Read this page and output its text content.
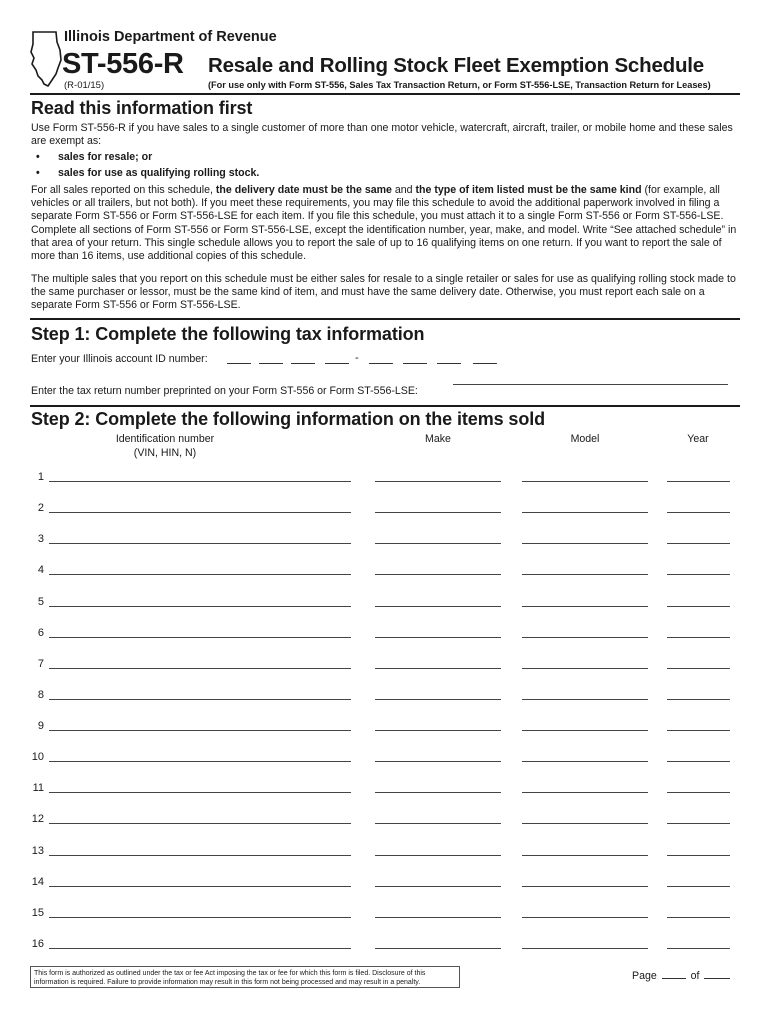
Illinois Department of Revenue
ST-556-R
(R-01/15)
Resale and Rolling Stock Fleet Exemption Schedule
(For use only with Form ST-556, Sales Tax Transaction Return, or Form ST-556-LSE, Transaction Return for Leases)
Read this information first
Use Form ST-556-R if you have sales to a single customer of more than one motor vehicle, watercraft, aircraft, trailer, or mobile home and these sales are exempt as:
• sales for resale; or
• sales for use as qualifying rolling stock.
For all sales reported on this schedule, the delivery date must be the same and the type of item listed must be the same kind (for example, all vehicles or all trailers, but not both). If you meet these requirements, you may file this schedule to avoid the additional paperwork involved in filing a separate Form ST-556 or Form ST-556-LSE for each item. If you file this schedule, you must attach it to a single Form ST-556 or Form ST-556-LSE. Complete all sections of Form ST-556 or Form ST-556-LSE, except the identification number, year, make, and model. Write “See attached schedule” in that area of your return. This single schedule allows you to report the sale of up to 16 qualifying items on one return. If you want to report the sale of more than 16 items, use additional copies of this schedule.
The multiple sales that you report on this schedule must be either sales for resale to a single retailer or sales for use as qualifying rolling stock made to the same purchaser or lessor, must be the same kind of item, and must have the same delivery date. Otherwise, you must report each sale on a separate Form ST-556 or Form ST-556-LSE.
Step 1: Complete the following tax information
Enter your Illinois account ID number:	-
Enter the tax return number preprinted on your Form ST-556 or Form ST-556-LSE:
Step 2: Complete the following information on the items sold
Identification number
(VIN, HIN, N)
Make	Model	Year
1
2
3
4
5
6
7
8
9
10
11
12
13
14
15
16
This form is authorized as outlined under the tax or fee Act imposing the tax or fee for which this form is filed. Disclosure of this information is required. Failure to provide information may result in this form not being processed and may result in a penalty.
Page	of
